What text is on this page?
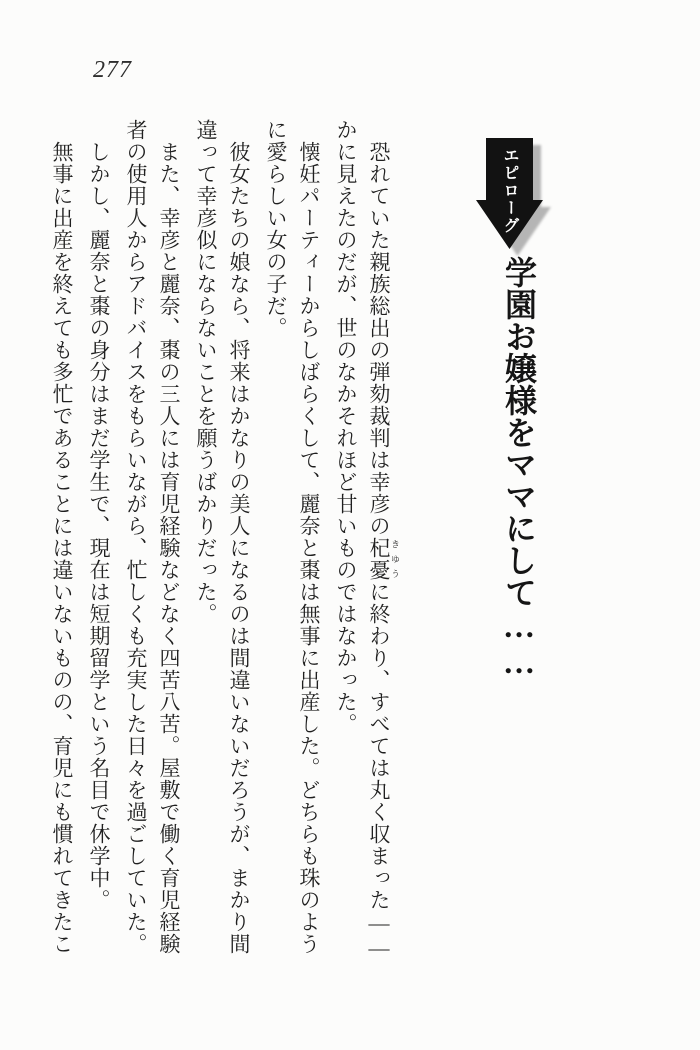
277
エピローグ
学園お嬢様をママにして……

恐れていた親族総出の弾劾裁判は幸彦の杞憂 きゆうに終わり、すべては丸く収まった――かに見えたのだが、世のなかそれほど甘いものではなかった。

懐妊パーティーからしばらくして、麗奈と棗は無事に出産した。どちらも珠のように愛らしい女の子だ。

彼女たちの娘なら、将来はかなりの美人になるのは間違いないだろうが、まかり間違って幸彦似にならないことを願うばかりだった。

また、幸彦と麗奈、棗の三人には育児経験などなく四苦八苦。屋敷で働く育児経験者の使用人からアドバイスをもらいながら、忙しくも充実した日々を過ごしていた。

しかし、麗奈と棗の身分はまだ学生で、現在は短期留学という名目で休学中。

無事に出産を終えても多忙であることには違いないものの、育児にも慣れてきたこ
